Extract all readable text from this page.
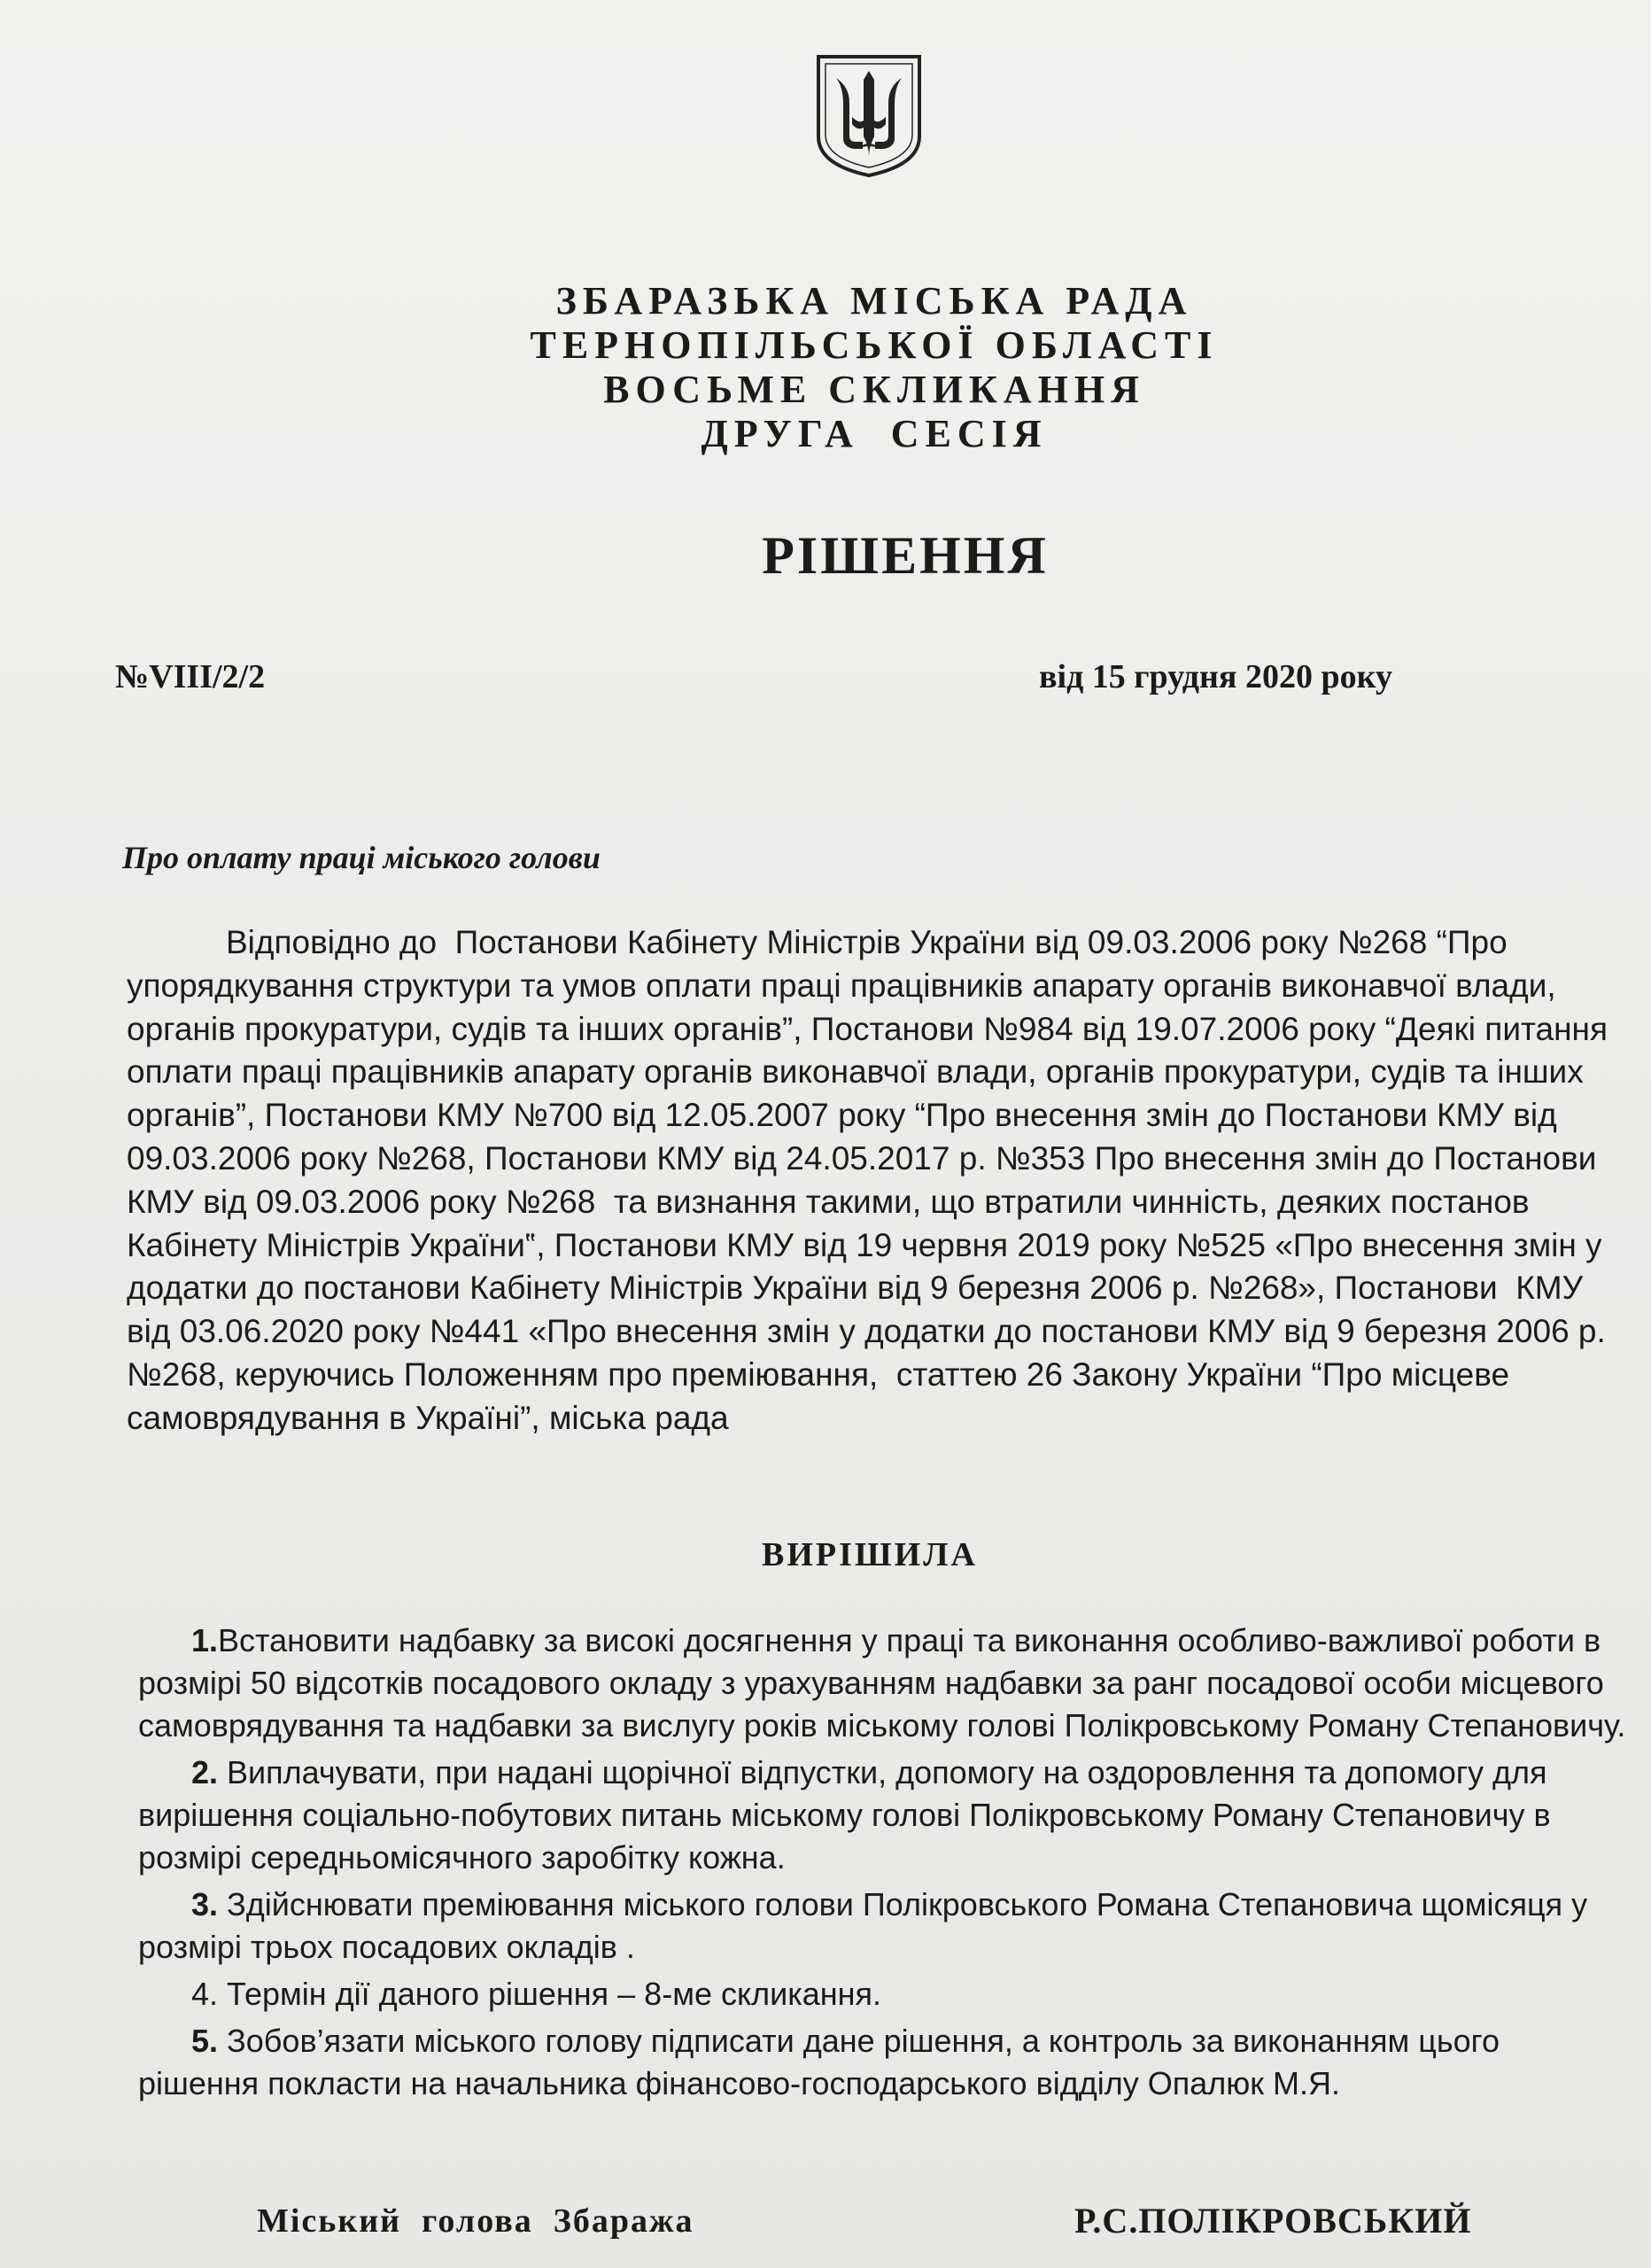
ЗБАРАЗЬКА МІСЬКА РАДА
ТЕРНОПІЛЬСЬКОЇ ОБЛАСТІ
ВОСЬМЕ СКЛИКАННЯ
ДРУГА  СЕСІЯ
РІШЕННЯ
№VIII/2/2	від 15 грудня 2020 року
Про оплату праці міського голови

Відповідно до  Постанови Кабінету Міністрів України від 09.03.2006 року №268 “Про упорядкування структури та умов оплати праці працівників апарату органів виконавчої влади, органів прокуратури, судів та інших органів”, Постанови №984 від 19.07.2006 року “Деякі питання оплати праці працівників апарату органів виконавчої влади, органів прокуратури, судів та інших органів”, Постанови КМУ №700 від 12.05.2007 року “Про внесення змін до Постанови КМУ від 09.03.2006 року №268, Постанови КМУ від 24.05.2017 р. №353 Про внесення змін до Постанови КМУ від 09.03.2006 року №268  та визнання такими, що втратили чинність, деяких постанов Кабінету Міністрів України‟, Постанови КМУ від 19 червня 2019 року №525 «Про внесення змін у додатки до постанови Кабінету Міністрів України від 9 березня 2006 р. №268», Постанови  КМУ від 03.06.2020 року №441 «Про внесення змін у додатки до постанови КМУ від 9 березня 2006 р. №268, керуючись Положенням про преміювання,  статтею 26 Закону України “Про місцеве самоврядування в Україні”, міська рада

ВИРІШИЛА

1.Встановити надбавку за високі досягнення у праці та виконання особливо-важливої роботи в розмірі 50 відсотків посадового окладу з урахуванням надбавки за ранг посадової особи місцевого самоврядування та надбавки за вислугу років міському голові Полікровському Роману Степановичу.

2. Виплачувати, при надані щорічної відпустки, допомогу на оздоровлення та допомогу для вирішення соціально-побутових питань міському голові Полікровському Роману Степановичу в розмірі середньомісячного заробітку кожна.

3. Здійснювати преміювання міського голови Полікровського Романа Степановича щомісяця у розмірі трьох посадових окладів .

4. Термін дії даного рішення – 8-ме скликання.

5. Зобов’язати міського голову підписати дане рішення, а контроль за виконанням цього рішення покласти на начальника фінансово-господарського відділу Опалюк М.Я.

Міський  голова  Збаража	Р.С.ПОЛІКРОВСЬКИЙ
